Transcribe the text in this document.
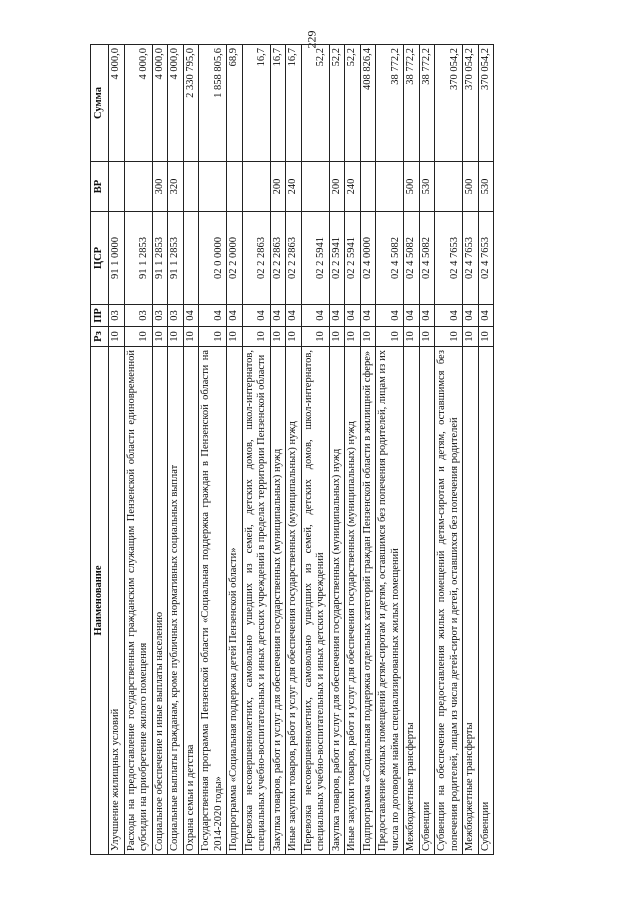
229
Наименование	Рз	ПР	ЦСР	ВР	Сумма
Улучшение жилищных условий	10	03	91 1 0000		4 000,0
Расходы на предоставление государственным гражданским служащим Пензенской области единовременной субсидии на приобретение жилого помещения	10	03	91 1 2853		4 000,0
Социальное обеспечение и иные выплаты населению	10	03	91 1 2853	300	4 000,0
Социальные выплаты гражданам, кроме публичных нормативных социальных выплат	10	03	91 1 2853	320	4 000,0
Охрана семьи и детства	10	04			2 330 795,0
Государственная программа Пензенской области «Социальная поддержка граждан в Пензенской области на 2014-2020 годы»	10	04	02 0 0000		1 858 805,6
Подпрограмма «Социальная поддержка детей Пензенской области»	10	04	02 2 0000		68,9
Перевозка несовершеннолетних, самовольно ушедших из семей, детских домов, школ-интернатов, специальных учебно-воспитательных и иных детских учреждений в пределах территории Пензенской области	10	04	02 2 2863		16,7
Закупка товаров, работ и услуг для обеспечения государственных (муниципальных) нужд	10	04	02 2 2863	200	16,7
Иные закупки товаров, работ и услуг для обеспечения государственных (муниципальных) нужд	10	04	02 2 2863	240	16,7
Перевозка несовершеннолетних, самовольно ушедших из семей, детских домов, школ-интернатов, специальных учебно-воспитательных и иных детских учреждений	10	04	02 2 5941		52,2
Закупка товаров, работ и услуг для обеспечения государственных (муниципальных) нужд	10	04	02 2 5941	200	52,2
Иные закупки товаров, работ и услуг для обеспечения государственных (муниципальных) нужд	10	04	02 2 5941	240	52,2
Подпрограмма «Социальная поддержка отдельных категорий граждан Пензенской области в жилищной сфере»	10	04	02 4 0000		408 826,4
Предоставление жилых помещений детям-сиротам и детям, оставшимся без попечения родителей, лицам из их числа по договорам найма специализированных жилых помещений	10	04	02 4 5082		38 772,2
Межбюджетные трансферты	10	04	02 4 5082	500	38 772,2
Субвенции	10	04	02 4 5082	530	38 772,2
Субвенции на обеспечение предоставления жилых помещений детям-сиротам и детям, оставшимся без попечения родителей, лицам из числа детей-сирот и детей, оставшихся без попечения родителей	10	04	02 4 7653		370 054,2
Межбюджетные трансферты	10	04	02 4 7653	500	370 054,2
Субвенции	10	04	02 4 7653	530	370 054,2
